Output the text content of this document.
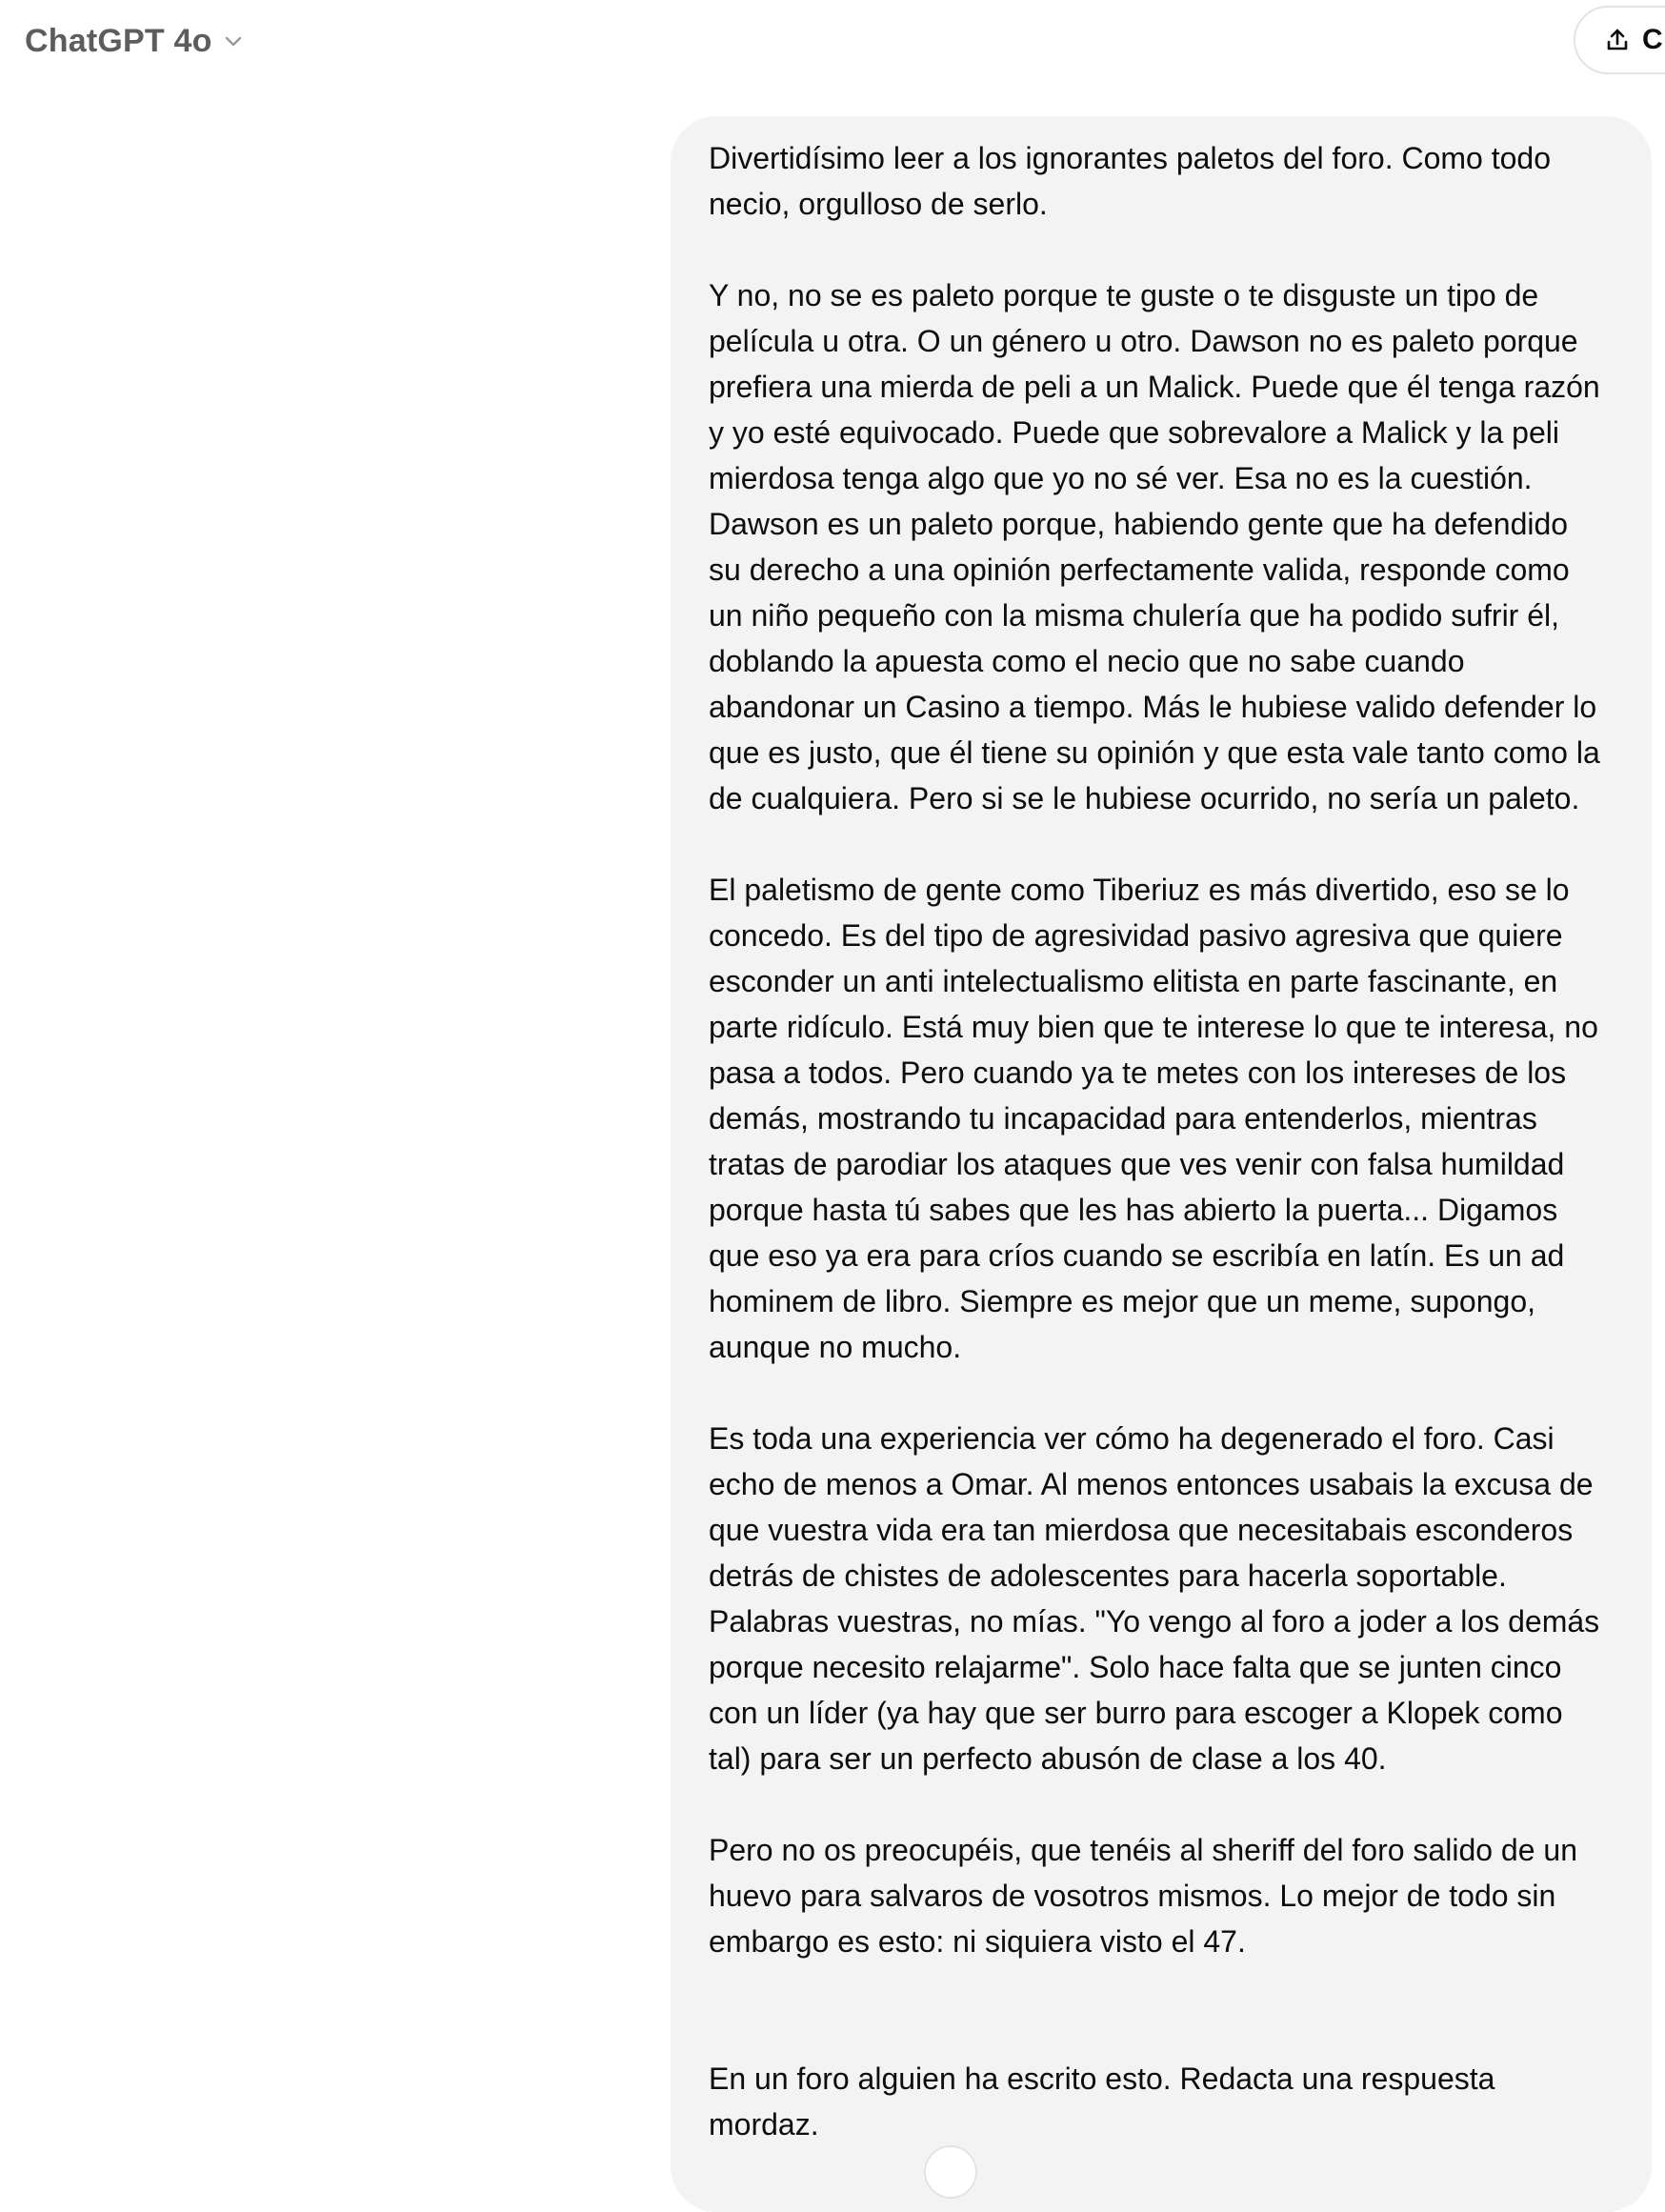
ChatGPT 4o	C

Divertidísimo leer a los ignorantes paletos del foro. Como todo
necio, orgulloso de serlo.

Y no, no se es paleto porque te guste o te disguste un tipo de
película u otra. O un género u otro. Dawson no es paleto porque
prefiera una mierda de peli a un Malick. Puede que él tenga razón
y yo esté equivocado. Puede que sobrevalore a Malick y la peli
mierdosa tenga algo que yo no sé ver. Esa no es la cuestión.
Dawson es un paleto porque, habiendo gente que ha defendido
su derecho a una opinión perfectamente valida, responde como
un niño pequeño con la misma chulería que ha podido sufrir él,
doblando la apuesta como el necio que no sabe cuando
abandonar un Casino a tiempo. Más le hubiese valido defender lo
que es justo, que él tiene su opinión y que esta vale tanto como la
de cualquiera. Pero si se le hubiese ocurrido, no sería un paleto.

El paletismo de gente como Tiberiuz es más divertido, eso se lo
concedo. Es del tipo de agresividad pasivo agresiva que quiere
esconder un anti intelectualismo elitista en parte fascinante, en
parte ridículo. Está muy bien que te interese lo que te interesa, no
pasa a todos. Pero cuando ya te metes con los intereses de los
demás, mostrando tu incapacidad para entenderlos, mientras
tratas de parodiar los ataques que ves venir con falsa humildad
porque hasta tú sabes que les has abierto la puerta... Digamos
que eso ya era para críos cuando se escribía en latín. Es un ad
hominem de libro. Siempre es mejor que un meme, supongo,
aunque no mucho.

Es toda una experiencia ver cómo ha degenerado el foro. Casi
echo de menos a Omar. Al menos entonces usabais la excusa de
que vuestra vida era tan mierdosa que necesitabais esconderos
detrás de chistes de adolescentes para hacerla soportable.
Palabras vuestras, no mías. "Yo vengo al foro a joder a los demás
porque necesito relajarme". Solo hace falta que se junten cinco
con un líder (ya hay que ser burro para escoger a Klopek como
tal) para ser un perfecto abusón de clase a los 40.

Pero no os preocupéis, que tenéis al sheriff del foro salido de un
huevo para salvaros de vosotros mismos. Lo mejor de todo sin
embargo es esto: ni siquiera visto el 47.

En un foro alguien ha escrito esto. Redacta una respuesta
mordaz.
